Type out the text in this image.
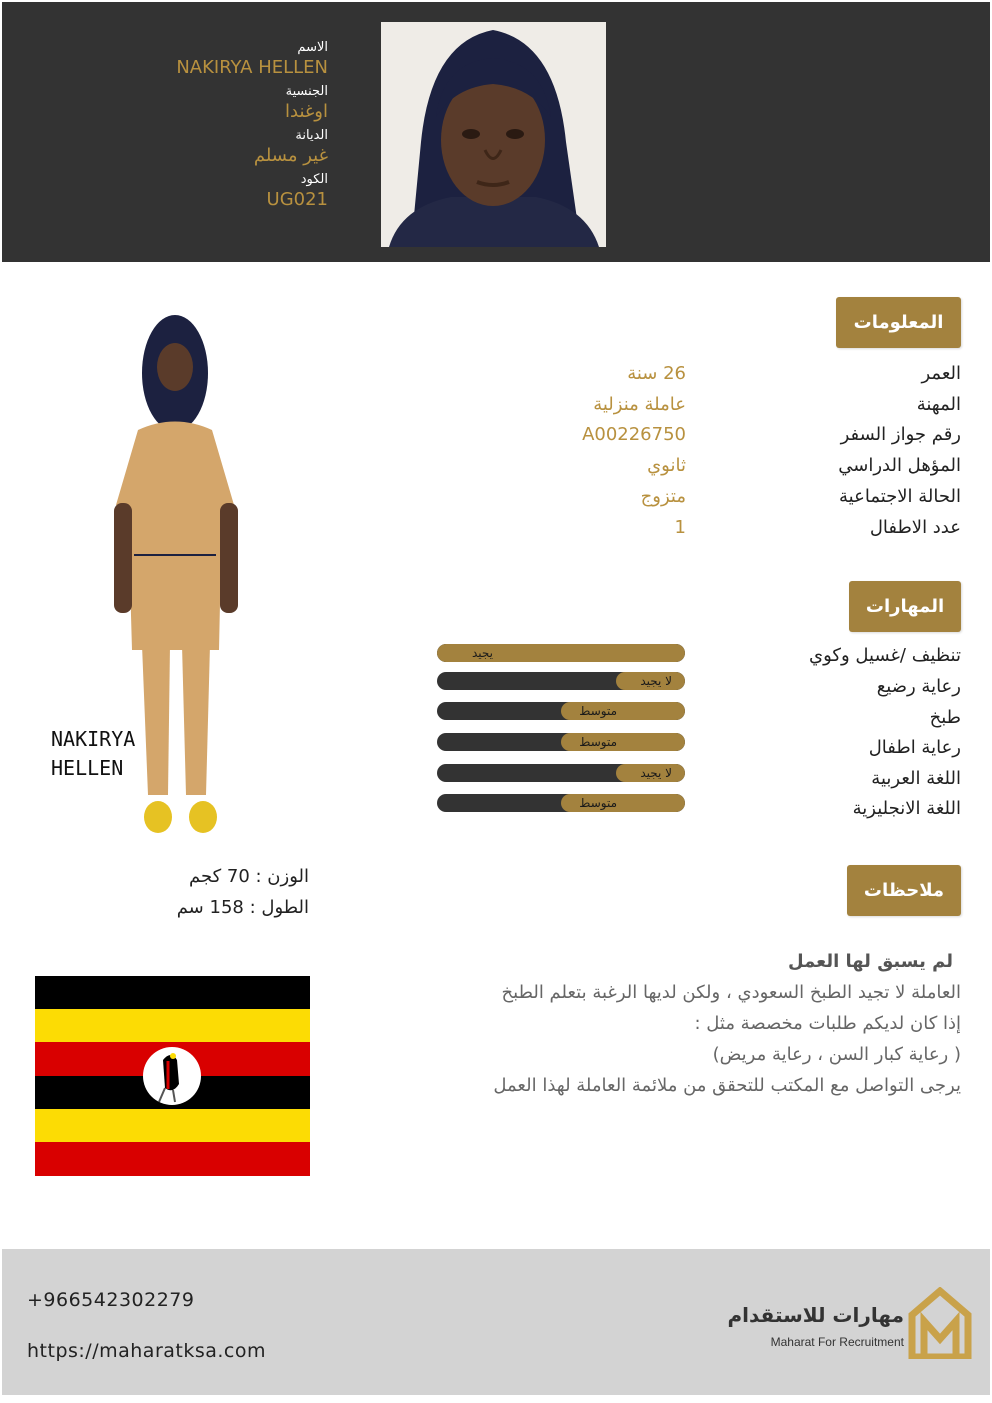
الاسم
NAKIRYA HELLEN
الجنسية
اوغندا
الديانة
غير مسلم
الكود
UG021
المعلومات
العمر
26 سنة
المهنة
عاملة منزلية
رقم جواز السفر
A00226750
المؤهل الدراسي
ثانوي
الحالة الاجتماعية
متزوج
عدد الاطفال
1
المهارات
تنظيف /غسيل وكوي
رعاية رضيع
طبخ
رعاية اطفال
اللغة العربية
اللغة الانجليزية
يجيد
لا يجيد
متوسط
متوسط
لا يجيد
متوسط
ملاحظات
لم يسبق لها العمل
العاملة لا تجيد الطبخ السعودي ، ولكن لديها الرغبة بتعلم الطبخ
إذا كان لديكم طلبات مخصصة مثل :
( رعاية كبار السن ، رعاية مريض)
يرجى التواصل مع المكتب للتحقق من ملائمة العاملة لهذا العمل
NAKIRYA
HELLEN
الوزن : 70 كجم
الطول : 158 سم
+966542302279
https://maharatksa.com
مهارات للاستقدام
Maharat For Recruitment
